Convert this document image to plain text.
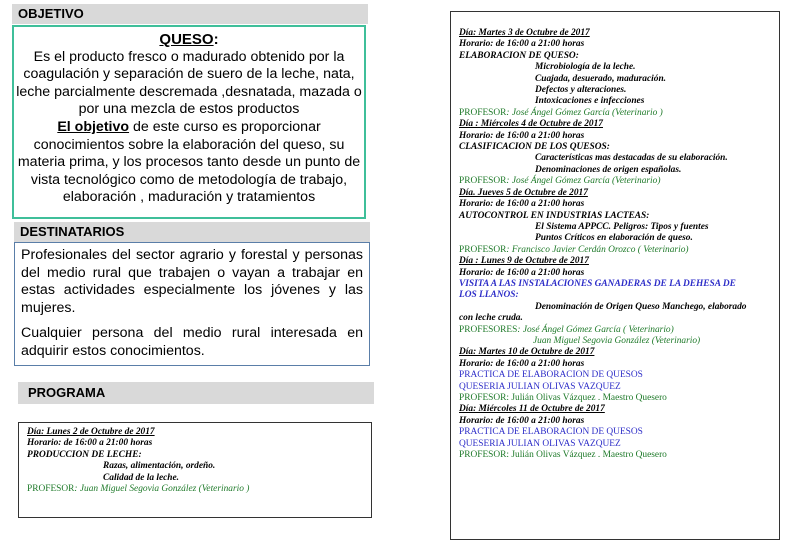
OBJETIVO
QUESO:
Es el producto fresco o madurado obtenido por la coagulación y separación de suero de la leche, nata, leche parcialmente descremada ,desnatada, mazada o por una mezcla de estos productos
El objetivo de este curso es proporcionar conocimientos sobre la elaboración del queso, su materia prima, y los procesos tanto desde un punto de vista tecnológico como de metodología de trabajo, elaboración , maduración y tratamientos
DESTINATARIOS

Profesionales del sector agrario y forestal y personas del medio rural que trabajen o vayan a trabajar en estas actividades especialmente los jóvenes y las mujeres.

Cualquier persona del medio rural interesada en adquirir estos conocimientos.

PROGRAMA
Día: Lunes 2 de Octubre de 2017
Horario: de 16:00 a 21:00 horas
PRODUCCION DE LECHE:
Razas, alimentación, ordeño.
Calidad de la leche.
PROFESOR: Juan Miguel Segovia González (Veterinario )
Día: Martes 3 de Octubre de 2017
Horario: de 16:00 a 21:00 horas
ELABORACION DE QUESO:
Microbiología de la leche.
Cuajada, desuerado, maduración.
Defectos y alteraciones.
Intoxicaciones e infecciones
PROFESOR: José Ángel Gómez García (Veterinario )
Día : Miércoles 4 de Octubre de 2017
Horario: de 16:00 a 21:00 horas
CLASIFICACION DE LOS QUESOS:
Características mas destacadas de su elaboración.
Denominaciones de origen españolas.
PROFESOR: José Ángel Gómez García (Veterinario)
Día. Jueves 5 de Octubre de 2017
Horario: de 16:00 a 21:00 horas
AUTOCONTROL EN INDUSTRIAS LACTEAS:
El Sistema APPCC. Peligros: Tipos y fuentes
Puntos Críticos en elaboración de queso.
PROFESOR: Francisco Javier Cerdán Orozco ( Veterinario)
Día : Lunes 9 de Octubre de 2017
Horario: de 16:00 a 21:00 horas
VISITA A LAS INSTALACIONES GANADERAS DE LA DEHESA DE
LOS LLANOS:
Denominación de Origen Queso Manchego, elaborado
con leche cruda.
PROFESORES: José Ángel Gómez García ( Veterinario)
Juan Miguel Segovia González (Veterinario)
Día: Martes 10 de Octubre de 2017
Horario: de 16:00 a 21:00 horas
PRACTICA DE ELABORACION DE QUESOS
QUESERIA JULIAN OLIVAS VAZQUEZ
PROFESOR: Julián Olivas Vázquez . Maestro Quesero
Día: Miércoles 11 de Octubre de 2017
Horario: de 16:00 a 21:00 horas
PRACTICA DE ELABORACION DE QUESOS
QUESERIA JULIAN OLIVAS VAZQUEZ
PROFESOR: Julián Olivas Vázquez . Maestro Quesero
